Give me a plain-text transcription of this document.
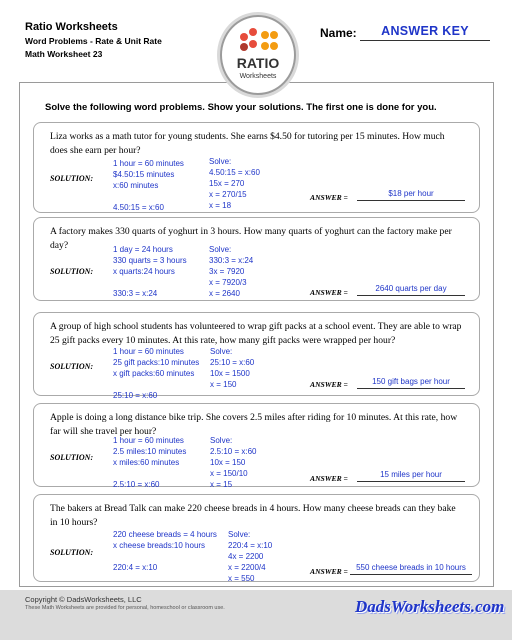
Ratio Worksheets
Word Problems - Rate & Unit Rate
Math Worksheet 23
RATIO
Worksheets
Name:	ANSWER KEY
Solve the following word problems. Show your solutions. The first one is done for you.
Liza works as a math tutor for young students. She earns $4.50 for tutoring per 15 minutes. How much does she earn per hour?
SOLUTION:
1 hour = 60 minutes
$4.50:15 minutes
x:60 minutes

4.50:15 = x:60
Solve:
4.50:15 = x:60
15x = 270
x = 270/15
x = 18
ANSWER =	$18 per hour
A factory makes 330 quarts of yoghurt in 3 hours. How many quarts of yoghurt can the factory make per day?
SOLUTION:
1 day = 24 hours
330 quarts = 3 hours
x quarts:24 hours

330:3 = x:24
Solve:
330:3 = x:24
3x = 7920
x = 7920/3
x = 2640	ANSWER =	2640 quarts per day
A group of high school students has volunteered to wrap gift packs at a school event. They are able to wrap 25 gift packs every 10 minutes. At this rate, how many gift packs were wrapped per hour?
SOLUTION:
1 hour = 60 minutes
25 gift packs:10 minutes
x gift packs:60 minutes

25:10 = x:60
Solve:
25:10 = x:60
10x = 1500
x = 150	ANSWER =	150 gift bags per hour
Apple is doing a long distance bike trip. She covers 2.5 miles after riding for 10 minutes. At this rate, how far will she travel per hour?
SOLUTION:
1 hour = 60 minutes
2.5 miles:10 minutes
x miles:60 minutes

2.5:10 = x:60
Solve:
2.5:10 = x:60
10x = 150
x = 150/10
x = 15
ANSWER =	15 miles per hour
The bakers at Bread Talk can make 220 cheese breads in 4 hours. How many cheese breads can they bake in 10 hours?
SOLUTION:
220 cheese breads = 4 hours
x cheese breads:10 hours

220:4 = x:10
Solve:
220:4 = x:10
4x = 2200
x = 2200/4
x = 550
ANSWER =	550 cheese breads in 10 hours
Copyright © DadsWorksheets, LLC
These Math Worksheets are provided for personal, homeschool or classroom use.	DadsWorksheets.com
